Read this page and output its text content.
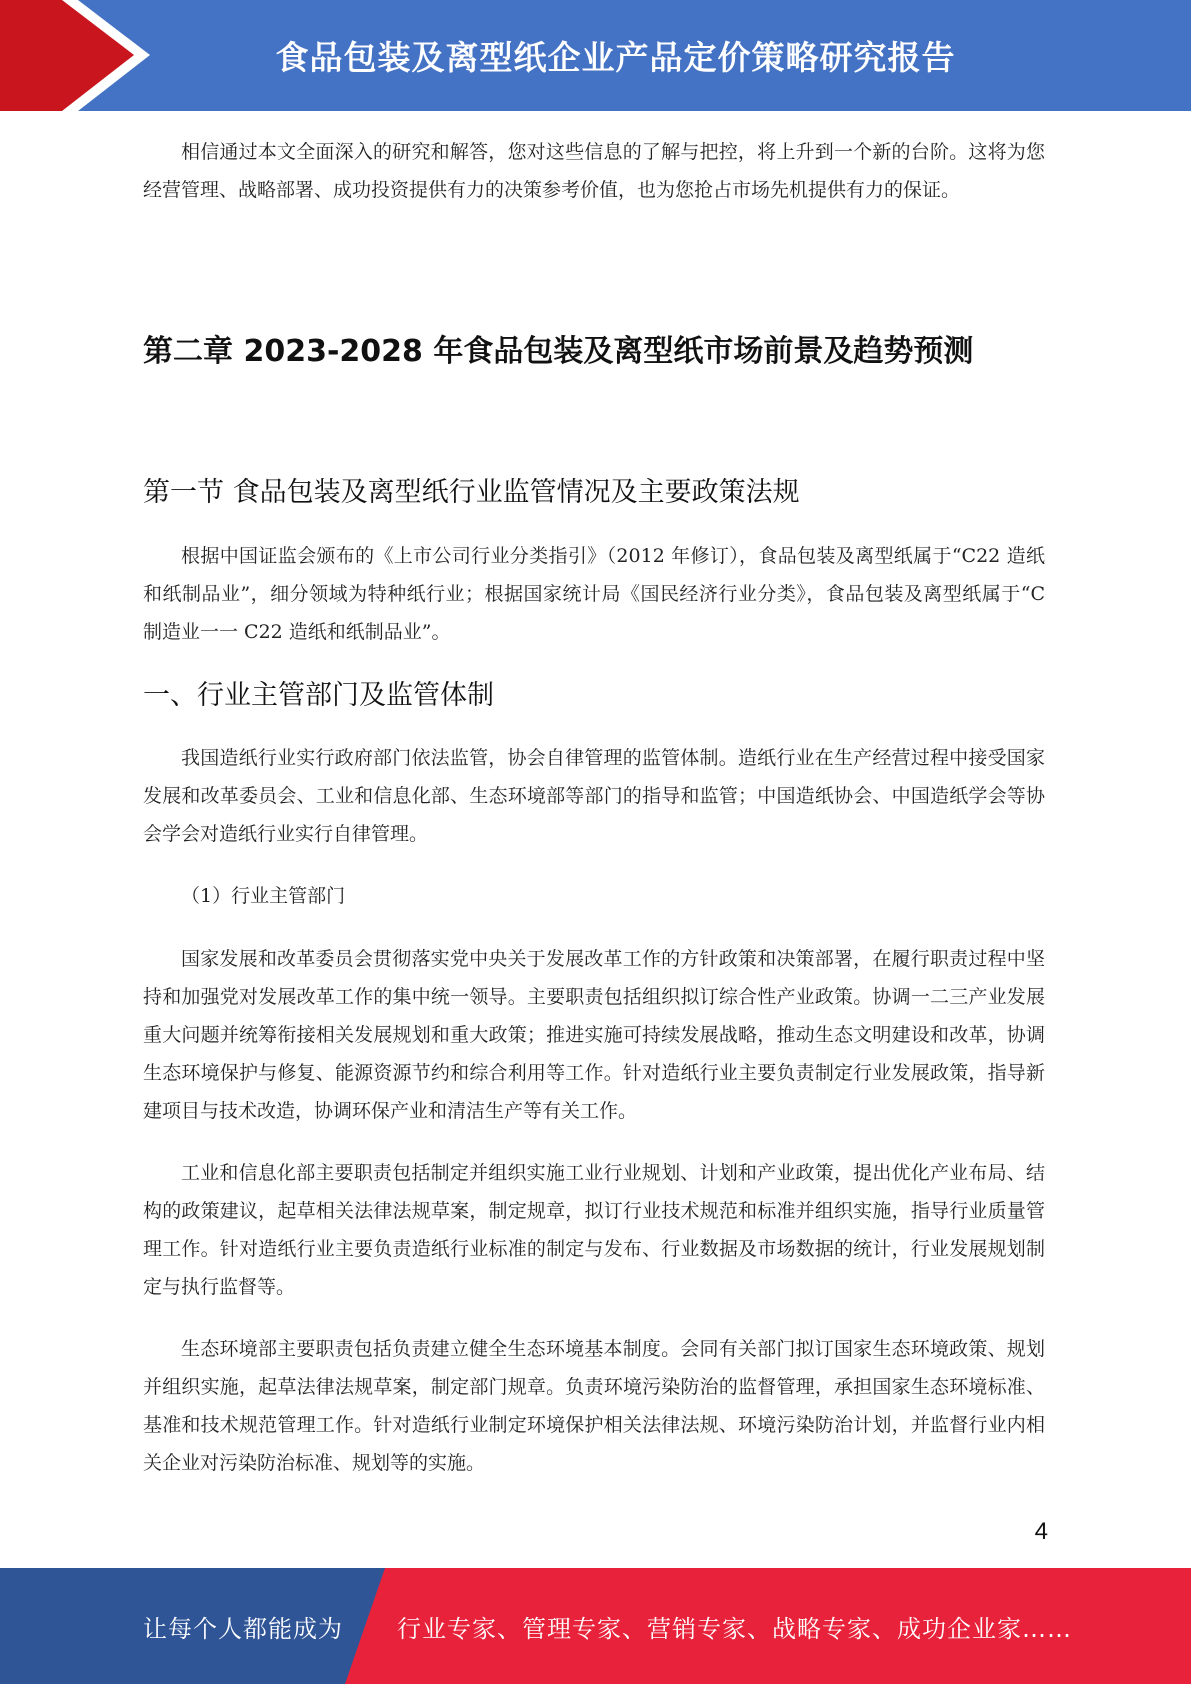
食品包装及离型纸企业产品定价策略研究报告

相信通过本文全面深入的研究和解答，您对这些信息的了解与把控，将上升到一个新的台阶。这将为您经营管理、战略部署、成功投资提供有力的决策参考价值，也为您抢占市场先机提供有力的保证。

第二章 2023-2028 年食品包装及离型纸市场前景及趋势预测
第一节 食品包装及离型纸行业监管情况及主要政策法规

根据中国证监会颁布的《上市公司行业分类指引》（2012 年修订），食品包装及离型纸属于“C22 造纸和纸制品业”，细分领域为特种纸行业；根据国家统计局《国民经济行业分类》，食品包装及离型纸属于“C 制造业一一 C22 造纸和纸制品业”。

一、行业主管部门及监管体制

我国造纸行业实行政府部门依法监管，协会自律管理的监管体制。造纸行业在生产经营过程中接受国家发展和改革委员会、工业和信息化部、生态环境部等部门的指导和监管；中国造纸协会、中国造纸学会等协会学会对造纸行业实行自律管理。

（1）行业主管部门

国家发展和改革委员会贯彻落实党中央关于发展改革工作的方针政策和决策部署，在履行职责过程中坚持和加强党对发展改革工作的集中统一领导。主要职责包括组织拟订综合性产业政策。协调一二三产业发展重大问题并统筹衔接相关发展规划和重大政策；推进实施可持续发展战略，推动生态文明建设和改革，协调生态环境保护与修复、能源资源节约和综合利用等工作。针对造纸行业主要负责制定行业发展政策，指导新建项目与技术改造，协调环保产业和清洁生产等有关工作。

工业和信息化部主要职责包括制定并组织实施工业行业规划、计划和产业政策，提出优化产业布局、结构的政策建议，起草相关法律法规草案，制定规章，拟订行业技术规范和标准并组织实施，指导行业质量管理工作。针对造纸行业主要负责造纸行业标准的制定与发布、行业数据及市场数据的统计，行业发展规划制定与执行监督等。

生态环境部主要职责包括负责建立健全生态环境基本制度。会同有关部门拟订国家生态环境政策、规划并组织实施，起草法律法规草案，制定部门规章。负责环境污染防治的监督管理，承担国家生态环境标准、基准和技术规范管理工作。针对造纸行业制定环境保护相关法律法规、环境污染防治计划，并监督行业内相关企业对污染防治标准、规划等的实施。

4
让每个人都能成为 行业专家、管理专家、营销专家、战略专家、成功企业家……
